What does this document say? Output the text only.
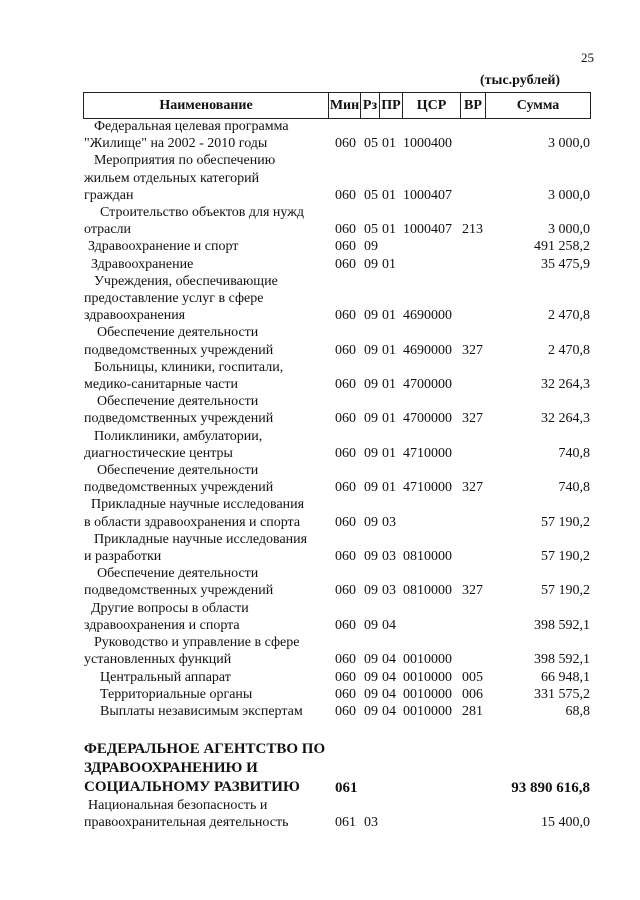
25
(тыс.рублей)
Наименование	Мин Рз ПР	ЦСР	ВР	Сумма
Федеральная целевая программа
"Жилище" на 2002 - 2010 годы	060 05 01 1000400	3 000,0
Мероприятия по обеспечению
жильем отдельных категорий
граждан	060 05 01 1000407	3 000,0
Строительство объектов для нужд
отрасли	060 05 01 1000407 213	3 000,0
Здравоохранение и спорт	060 09	491 258,2
Здравоохранение	060 09 01	35 475,9
Учреждения, обеспечивающие
предоставление услуг в сфере
здравоохранения	060 09 01 4690000	2 470,8
Обеспечение деятельности
подведомственных учреждений	060 09 01 4690000 327	2 470,8
Больницы, клиники, госпитали,
медико-санитарные части	060 09 01 4700000	32 264,3
Обеспечение деятельности
подведомственных учреждений	060 09 01 4700000 327	32 264,3
Поликлиники, амбулатории,
диагностические центры	060 09 01 4710000	740,8
Обеспечение деятельности
подведомственных учреждений	060 09 01 4710000 327	740,8
Прикладные научные исследования
в области здравоохранения и спорта	060 09 03	57 190,2
Прикладные научные исследования
и разработки	060 09 03 0810000	57 190,2
Обеспечение деятельности
подведомственных учреждений	060 09 03 0810000 327	57 190,2
Другие вопросы в области
здравоохранения и спорта	060 09 04	398 592,1
Руководство и управление в сфере
установленных функций	060 09 04 0010000	398 592,1
Центральный аппарат	060 09 04 0010000 005	66 948,1
Территориальные органы	060 09 04 0010000 006	331 575,2
Выплаты независимым экспертам	060 09 04 0010000 281	68,8
ФЕДЕРАЛЬНОЕ АГЕНТСТВО ПО
ЗДРАВООХРАНЕНИЮ И
СОЦИАЛЬНОМУ РАЗВИТИЮ	061	93 890 616,8
Национальная безопасность и
правоохранительная деятельность	061 03	15 400,0
